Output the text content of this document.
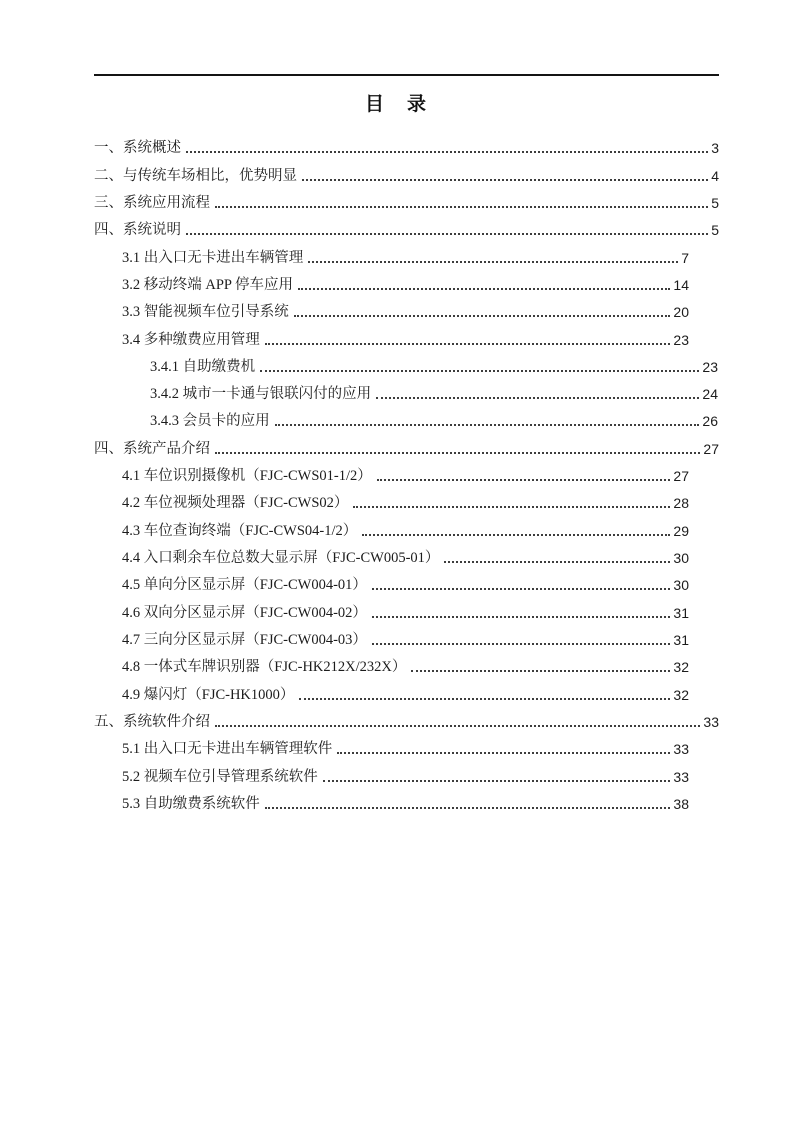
目　录
一、系统概述	3
二、与传统车场相比，优势明显	4
三、系统应用流程	5
四、系统说明	5
3.1 出入口无卡进出车辆管理	7
3.2 移动终端 APP 停车应用	14
3.3 智能视频车位引导系统	20
3.4 多种缴费应用管理	23
3.4.1 自助缴费机	23
3.4.2 城市一卡通与银联闪付的应用	24
3.4.3 会员卡的应用	26
四、系统产品介绍	27
4.1 车位识别摄像机（FJC-CWS01-1/2）	27
4.2 车位视频处理器（FJC-CWS02）	28
4.3 车位查询终端（FJC-CWS04-1/2）	29
4.4 入口剩余车位总数大显示屏（FJC-CW005-01）	30
4.5 单向分区显示屏（FJC-CW004-01）	30
4.6 双向分区显示屏（FJC-CW004-02）	31
4.7 三向分区显示屏（FJC-CW004-03）	31
4.8 一体式车牌识别器（FJC-HK212X/232X）	32
4.9 爆闪灯（FJC-HK1000）	32
五、系统软件介绍	33
5.1 出入口无卡进出车辆管理软件	33
5.2 视频车位引导管理系统软件	33
5.3 自助缴费系统软件	38
